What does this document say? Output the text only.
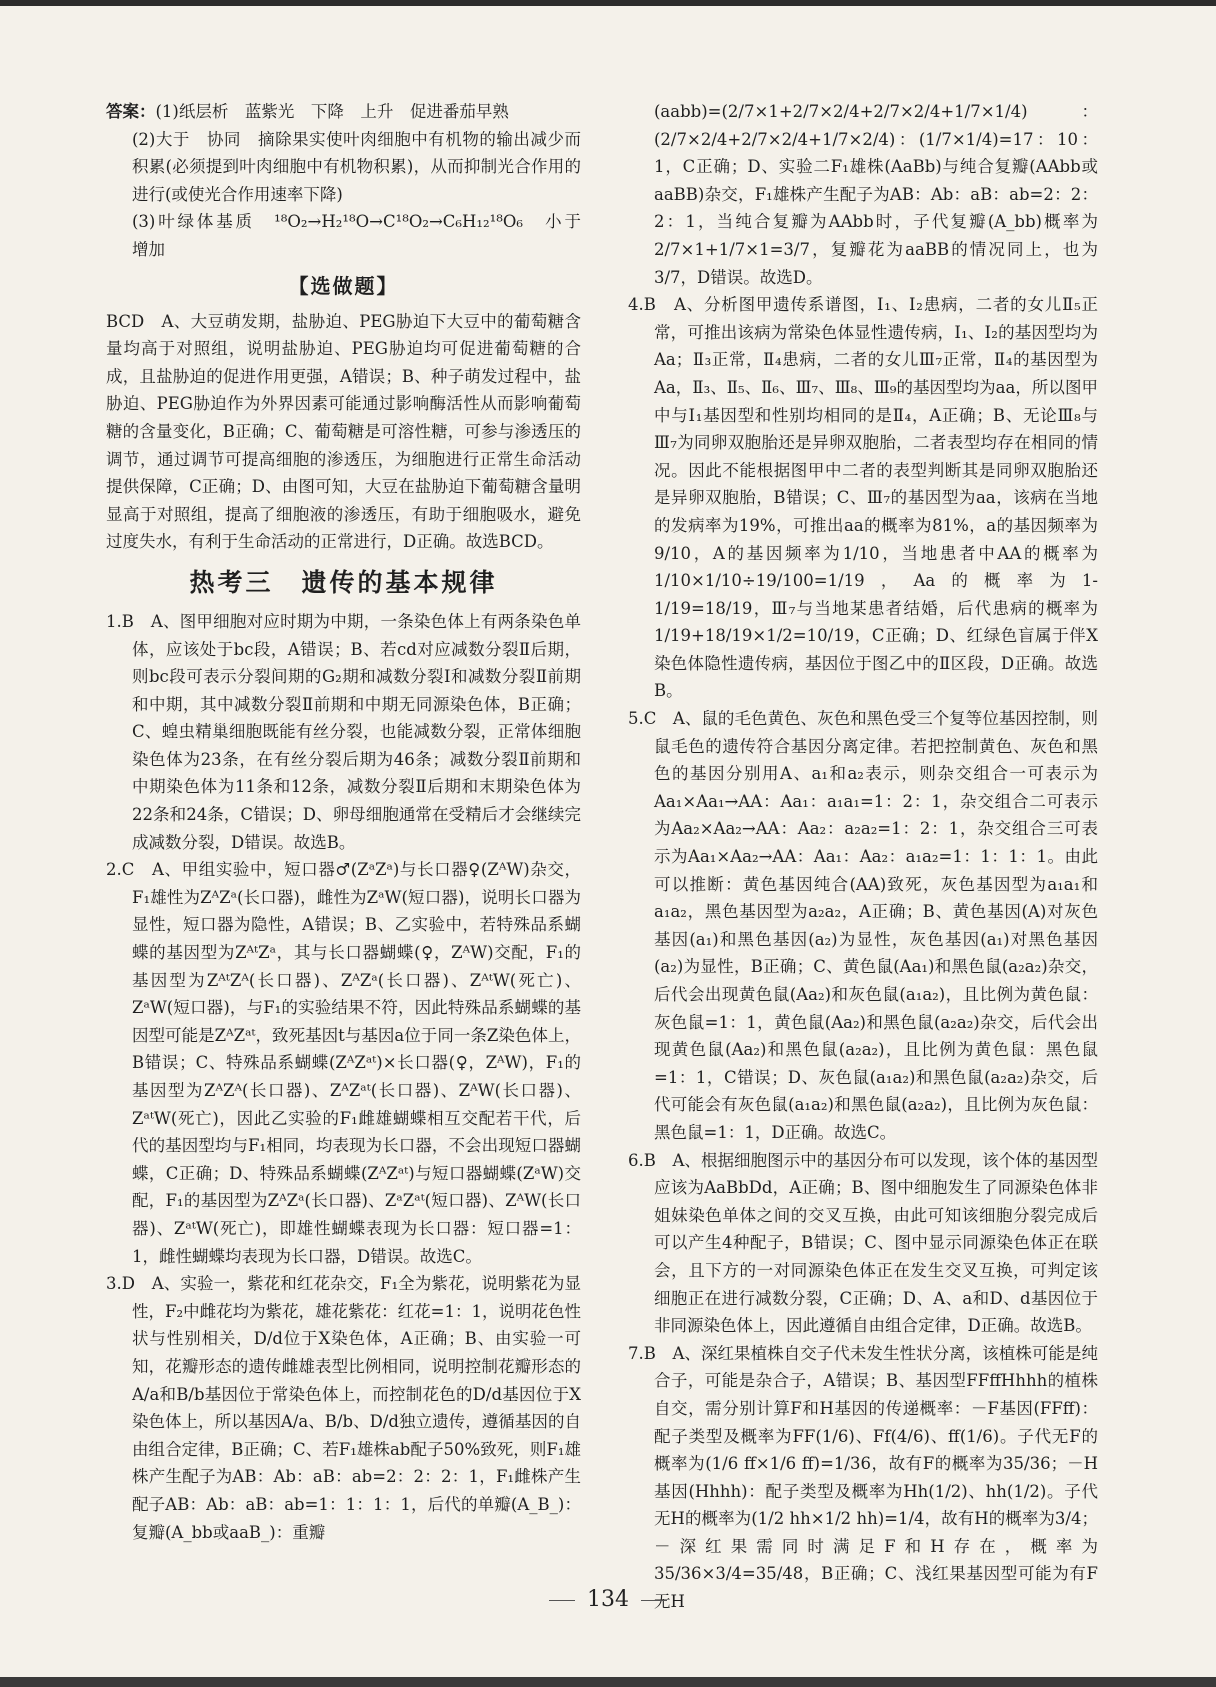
答案：(1)纸层析　蓝紫光　下降　上升　促进番茄早熟

(2)大于　协同　摘除果实使叶肉细胞中有机物的输出减少而积累(必须提到叶肉细胞中有机物积累)，从而抑制光合作用的进行(或使光合作用速率下降)

(3)叶绿体基质　¹⁸O₂→H₂¹⁸O→C¹⁸O₂→C₆H₁₂¹⁸O₆　小于　增加

【选做题】

BCD　A、大豆萌发期，盐胁迫、PEG胁迫下大豆中的葡萄糖含量均高于对照组，说明盐胁迫、PEG胁迫均可促进葡萄糖的合成，且盐胁迫的促进作用更强，A错误；B、种子萌发过程中，盐胁迫、PEG胁迫作为外界因素可能通过影响酶活性从而影响葡萄糖的含量变化，B正确；C、葡萄糖是可溶性糖，可参与渗透压的调节，通过调节可提高细胞的渗透压，为细胞进行正常生命活动提供保障，C正确；D、由图可知，大豆在盐胁迫下葡萄糖含量明显高于对照组，提高了细胞液的渗透压，有助于细胞吸水，避免过度失水，有利于生命活动的正常进行，D正确。故选BCD。

热考三　遗传的基本规律

1.B　A、图甲细胞对应时期为中期，一条染色体上有两条染色单体，应该处于bc段，A错误；B、若cd对应减数分裂Ⅱ后期，则bc段可表示分裂间期的G₂期和减数分裂Ⅰ和减数分裂Ⅱ前期和中期，其中减数分裂Ⅱ前期和中期无同源染色体，B正确；C、蝗虫精巢细胞既能有丝分裂，也能减数分裂，正常体细胞染色体为23条，在有丝分裂后期为46条；减数分裂Ⅱ前期和中期染色体为11条和12条，减数分裂Ⅱ后期和末期染色体为22条和24条，C错误；D、卵母细胞通常在受精后才会继续完成减数分裂，D错误。故选B。

2.C　A、甲组实验中，短口器♂(ZᵃZᵃ)与长口器♀(ZᴬW)杂交，F₁雄性为ZᴬZᵃ(长口器)，雌性为ZᵃW(短口器)，说明长口器为显性，短口器为隐性，A错误；B、乙实验中，若特殊品系蝴蝶的基因型为ZᴬᵗZᵃ，其与长口器蝴蝶(♀，ZᴬW)交配，F₁的基因型为ZᴬᵗZᴬ(长口器)、ZᴬZᵃ(长口器)、ZᴬᵗW(死亡)、ZᵃW(短口器)，与F₁的实验结果不符，因此特殊品系蝴蝶的基因型可能是ZᴬZᵃᵗ，致死基因t与基因a位于同一条Z染色体上，B错误；C、特殊品系蝴蝶(ZᴬZᵃᵗ)×长口器(♀，ZᴬW)，F₁的基因型为ZᴬZᴬ(长口器)、ZᴬZᵃᵗ(长口器)、ZᴬW(长口器)、ZᵃᵗW(死亡)，因此乙实验的F₁雌雄蝴蝶相互交配若干代，后代的基因型均与F₁相同，均表现为长口器，不会出现短口器蝴蝶，C正确；D、特殊品系蝴蝶(ZᴬZᵃᵗ)与短口器蝴蝶(ZᵃW)交配，F₁的基因型为ZᴬZᵃ(长口器)、ZᵃZᵃᵗ(短口器)、ZᴬW(长口器)、ZᵃᵗW(死亡)，即雄性蝴蝶表现为长口器：短口器=1：1，雌性蝴蝶均表现为长口器，D错误。故选C。

3.D　A、实验一，紫花和红花杂交，F₁全为紫花，说明紫花为显性，F₂中雌花均为紫花，雄花紫花：红花=1：1，说明花色性状与性别相关，D/d位于X染色体，A正确；B、由实验一可知，花瓣形态的遗传雌雄表型比例相同，说明控制花瓣形态的A/a和B/b基因位于常染色体上，而控制花色的D/d基因位于X染色体上，所以基因A/a、B/b、D/d独立遗传，遵循基因的自由组合定律，B正确；C、若F₁雄株ab配子50%致死，则F₁雄株产生配子为AB：Ab：aB：ab=2：2：2：1，F₁雌株产生配子AB：Ab：aB：ab=1：1：1：1，后代的单瓣(A_B_)：复瓣(A_bb或aaB_)：重瓣

(aabb)=(2/7×1+2/7×2/4+2/7×2/4+1/7×1/4)：(2/7×2/4+2/7×2/4+1/7×2/4)：(1/7×1/4)=17：10：1，C正确；D、实验二F₁雄株(AaBb)与纯合复瓣(AAbb或aaBB)杂交，F₁雄株产生配子为AB：Ab：aB：ab=2：2：2：1，当纯合复瓣为AAbb时，子代复瓣(A_bb)概率为2/7×1+1/7×1=3/7，复瓣花为aaBB的情况同上，也为3/7，D错误。故选D。

4.B　A、分析图甲遗传系谱图，Ⅰ₁、Ⅰ₂患病，二者的女儿Ⅱ₅正常，可推出该病为常染色体显性遗传病，Ⅰ₁、Ⅰ₂的基因型均为Aa；Ⅱ₃正常，Ⅱ₄患病，二者的女儿Ⅲ₇正常，Ⅱ₄的基因型为Aa，Ⅱ₃、Ⅱ₅、Ⅱ₆、Ⅲ₇、Ⅲ₈、Ⅲ₉的基因型均为aa，所以图甲中与Ⅰ₁基因型和性别均相同的是Ⅱ₄，A正确；B、无论Ⅲ₈与Ⅲ₇为同卵双胞胎还是异卵双胞胎，二者表型均存在相同的情况。因此不能根据图甲中二者的表型判断其是同卵双胞胎还是异卵双胞胎，B错误；C、Ⅲ₇的基因型为aa，该病在当地的发病率为19%，可推出aa的概率为81%，a的基因频率为9/10，A的基因频率为1/10，当地患者中AA的概率为1/10×1/10÷19/100=1/19，Aa的概率为1-1/19=18/19，Ⅲ₇与当地某患者结婚，后代患病的概率为1/19+18/19×1/2=10/19，C正确；D、红绿色盲属于伴X染色体隐性遗传病，基因位于图乙中的Ⅱ区段，D正确。故选B。

5.C　A、鼠的毛色黄色、灰色和黑色受三个复等位基因控制，则鼠毛色的遗传符合基因分离定律。若把控制黄色、灰色和黑色的基因分别用A、a₁和a₂表示，则杂交组合一可表示为Aa₁×Aa₁→AA：Aa₁：a₁a₁=1：2：1，杂交组合二可表示为Aa₂×Aa₂→AA：Aa₂：a₂a₂=1：2：1，杂交组合三可表示为Aa₁×Aa₂→AA：Aa₁：Aa₂：a₁a₂=1：1：1：1。由此可以推断：黄色基因纯合(AA)致死，灰色基因型为a₁a₁和a₁a₂，黑色基因型为a₂a₂，A正确；B、黄色基因(A)对灰色基因(a₁)和黑色基因(a₂)为显性，灰色基因(a₁)对黑色基因(a₂)为显性，B正确；C、黄色鼠(Aa₁)和黑色鼠(a₂a₂)杂交，后代会出现黄色鼠(Aa₂)和灰色鼠(a₁a₂)，且比例为黄色鼠：灰色鼠=1：1，黄色鼠(Aa₂)和黑色鼠(a₂a₂)杂交，后代会出现黄色鼠(Aa₂)和黑色鼠(a₂a₂)，且比例为黄色鼠：黑色鼠=1：1，C错误；D、灰色鼠(a₁a₂)和黑色鼠(a₂a₂)杂交，后代可能会有灰色鼠(a₁a₂)和黑色鼠(a₂a₂)，且比例为灰色鼠：黑色鼠=1：1，D正确。故选C。

6.B　A、根据细胞图示中的基因分布可以发现，该个体的基因型应该为AaBbDd，A正确；B、图中细胞发生了同源染色体非姐妹染色单体之间的交叉互换，由此可知该细胞分裂完成后可以产生4种配子，B错误；C、图中显示同源染色体正在联会，且下方的一对同源染色体正在发生交叉互换，可判定该细胞正在进行减数分裂，C正确；D、A、a和D、d基因位于非同源染色体上，因此遵循自由组合定律，D正确。故选B。

7.B　A、深红果植株自交子代未发生性状分离，该植株可能是纯合子，可能是杂合子，A错误；B、基因型FFffHhhh的植株自交，需分别计算F和H基因的传递概率：－F基因(FFff)：配子类型及概率为FF(1/6)、Ff(4/6)、ff(1/6)。子代无F的概率为(1/6 ff×1/6 ff)=1/36，故有F的概率为35/36；－H基因(Hhhh)：配子类型及概率为Hh(1/2)、hh(1/2)。子代无H的概率为(1/2 hh×1/2 hh)=1/4，故有H的概率为3/4；－深红果需同时满足F和H存在，概率为35/36×3/4=35/48，B正确；C、浅红果基因型可能为有F无H

134
